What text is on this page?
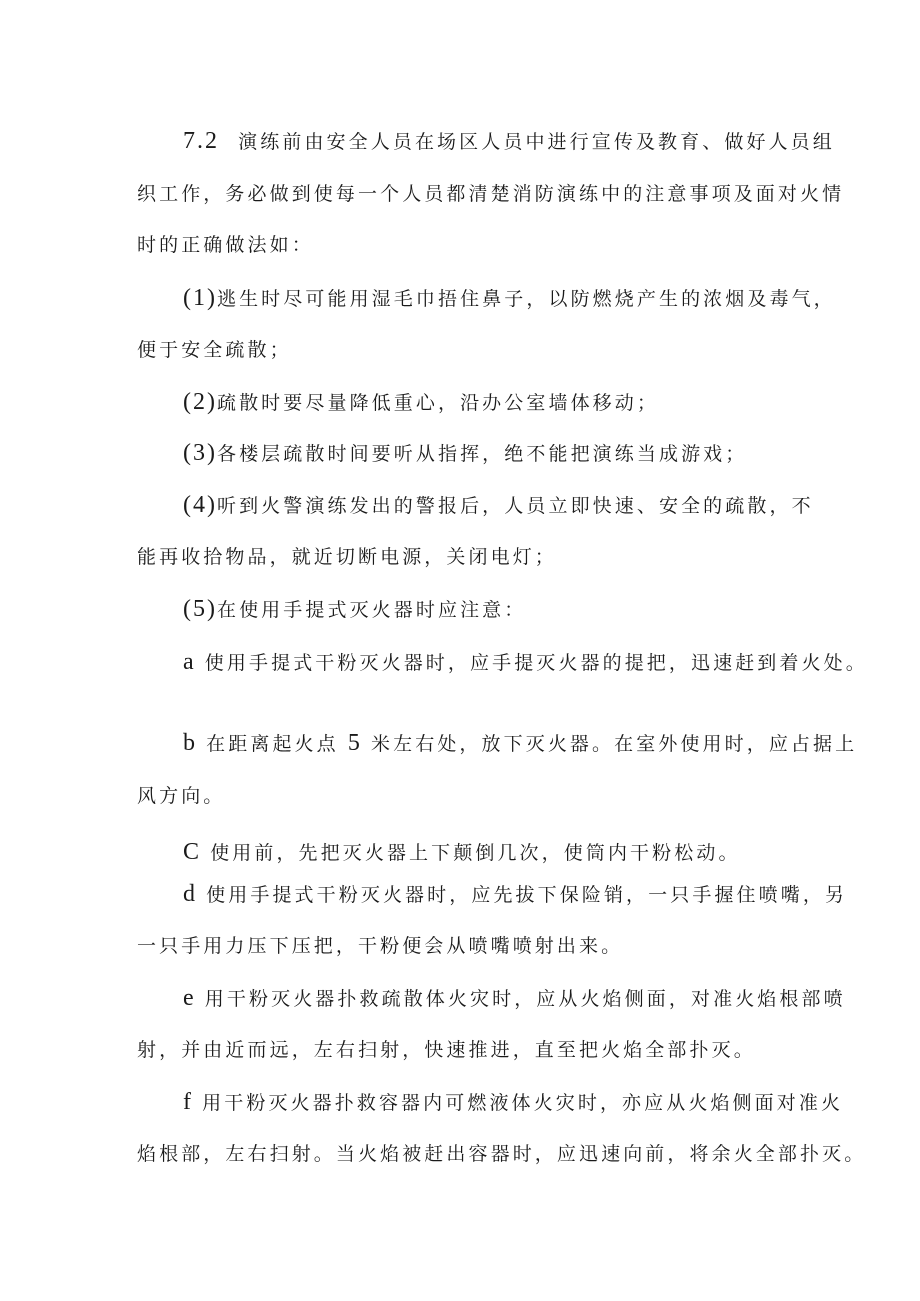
7.2 演练前由安全人员在场区人员中进行宣传及教育、做好人员组
织工作，务必做到使每一个人员都清楚消防演练中的注意事项及面对火情
时的正确做法如：
(1)逃生时尽可能用湿毛巾捂住鼻子，以防燃烧产生的浓烟及毒气，
便于安全疏散；
(2)疏散时要尽量降低重心，沿办公室墙体移动；
(3)各楼层疏散时间要听从指挥，绝不能把演练当成游戏；
(4)听到火警演练发出的警报后，人员立即快速、安全的疏散，不
能再收拾物品，就近切断电源，关闭电灯；
(5)在使用手提式灭火器时应注意：
a 使用手提式干粉灭火器时，应手提灭火器的提把，迅速赶到着火处。
b 在距离起火点 5 米左右处，放下灭火器。在室外使用时，应占据上
风方向。
C 使用前，先把灭火器上下颠倒几次，使筒内干粉松动。
d 使用手提式干粉灭火器时，应先拔下保险销，一只手握住喷嘴，另
一只手用力压下压把，干粉便会从喷嘴喷射出来。
e 用干粉灭火器扑救疏散体火灾时，应从火焰侧面，对准火焰根部喷
射，并由近而远，左右扫射，快速推进，直至把火焰全部扑灭。
f 用干粉灭火器扑救容器内可燃液体火灾时，亦应从火焰侧面对准火
焰根部，左右扫射。当火焰被赶出容器时，应迅速向前，将余火全部扑灭。
